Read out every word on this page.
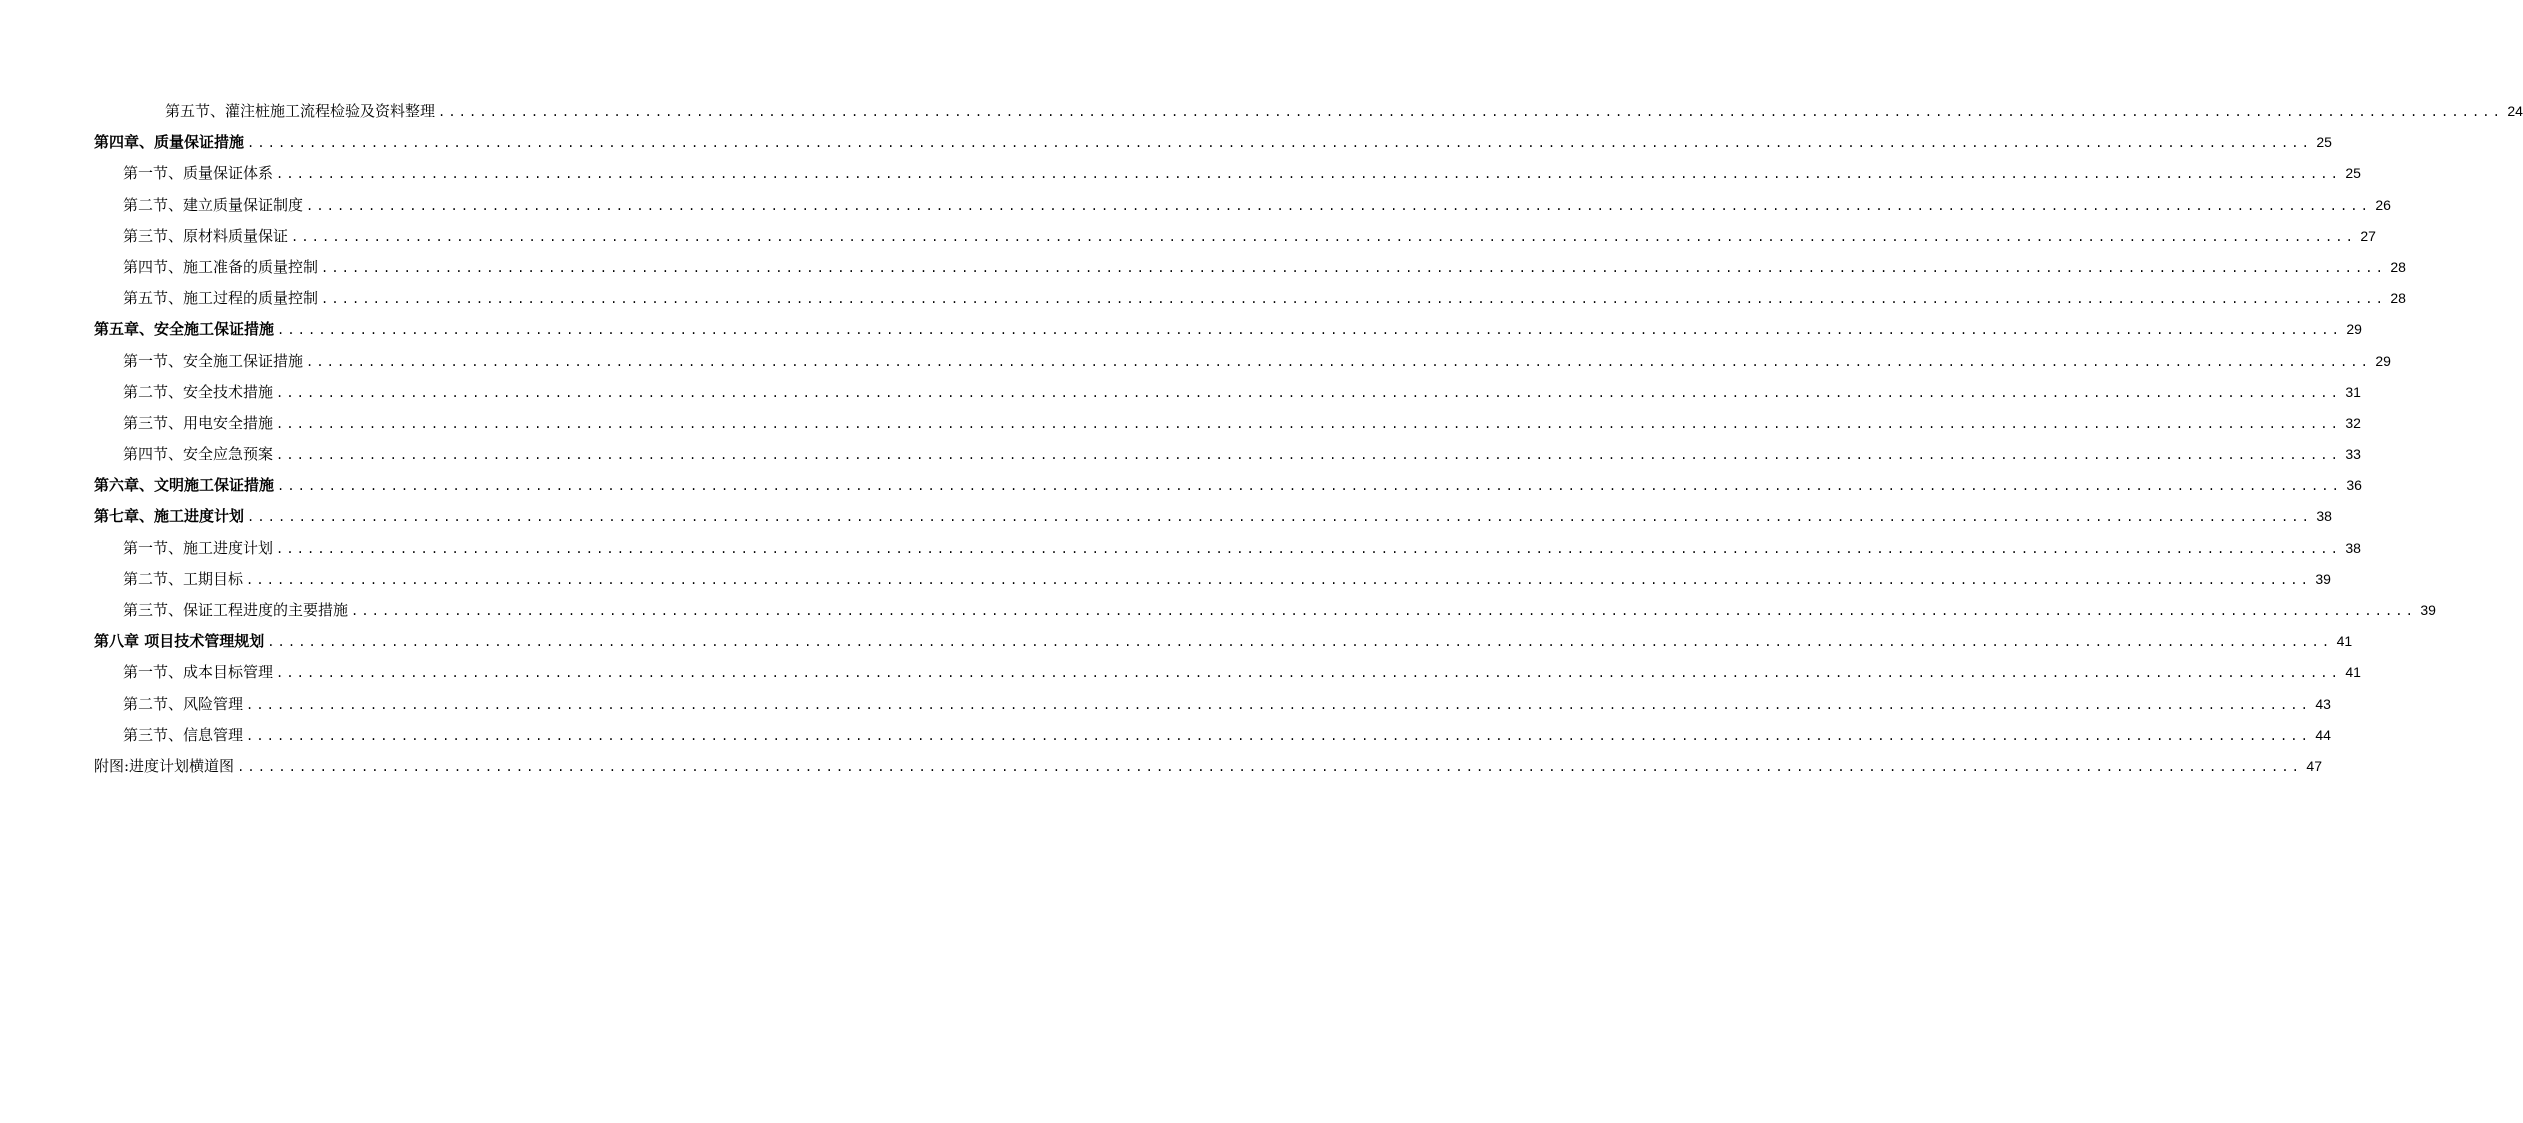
第五节、灌注桩施工流程检验及资料整理 ........................................................................................................................................................................................................ 24
第四章、质量保证措施 ........................................................................................................................................................................................................ 25
第一节、质量保证体系 ........................................................................................................................................................................................................ 25
第二节、建立质量保证制度 ........................................................................................................................................................................................................ 26
第三节、原材料质量保证 ........................................................................................................................................................................................................ 27
第四节、施工准备的质量控制 ........................................................................................................................................................................................................ 28
第五节、施工过程的质量控制 ........................................................................................................................................................................................................ 28
第五章、安全施工保证措施 ........................................................................................................................................................................................................ 29
第一节、安全施工保证措施 ........................................................................................................................................................................................................ 29
第二节、安全技术措施 ........................................................................................................................................................................................................ 31
第三节、用电安全措施 ........................................................................................................................................................................................................ 32
第四节、安全应急预案 ........................................................................................................................................................................................................ 33
第六章、文明施工保证措施 ........................................................................................................................................................................................................ 36
第七章、施工进度计划 ........................................................................................................................................................................................................ 38
第一节、施工进度计划 ........................................................................................................................................................................................................ 38
第二节、工期目标 ........................................................................................................................................................................................................ 39
第三节、保证工程进度的主要措施 ........................................................................................................................................................................................................ 39
第八章 项目技术管理规划 ........................................................................................................................................................................................................ 41
第一节、成本目标管理 ........................................................................................................................................................................................................ 41
第二节、风险管理 ........................................................................................................................................................................................................ 43
第三节、信息管理 ........................................................................................................................................................................................................ 44
附图:进度计划横道图 ........................................................................................................................................................................................................ 47
